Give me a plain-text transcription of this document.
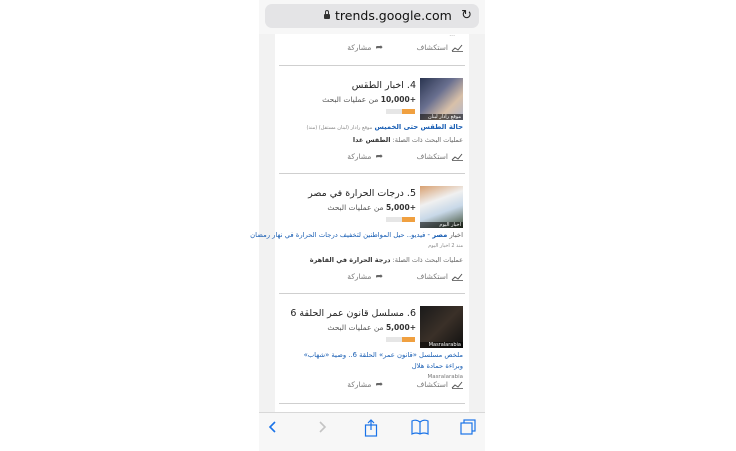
trends.google.com ↻
...
استكشاف
➦مشاركة
موقع رادار لبنان
4. اخبار الطقس
+10,000 من عمليات البحث
حالة الطقس حتى الخميس موقع رادار (لبنان مستقل) (منذ)
عمليات البحث ذات الصلة: الطقس غدا
استكشاف
➦مشاركة
اخبار اليوم
5. درجات الحرارة في مصر
+5,000 من عمليات البحث
اخبار مصر - فيديو.. حيل المواطنين لتخفيف درجات الحرارة في نهار رمضان
منذ 2 اخبار اليوم
عمليات البحث ذات الصلة: درجة الحرارة في القاهرة
استكشاف
➦مشاركة
Masralarabia
6. مسلسل قانون عمر الحلقة 6
+5,000 من عمليات البحث
ملخص مسلسل «قانون عمر» الحلقة 6.. وصية «شهاب» وبراءة حمادة هلال
Masralarabia
استكشاف
➦مشاركة
